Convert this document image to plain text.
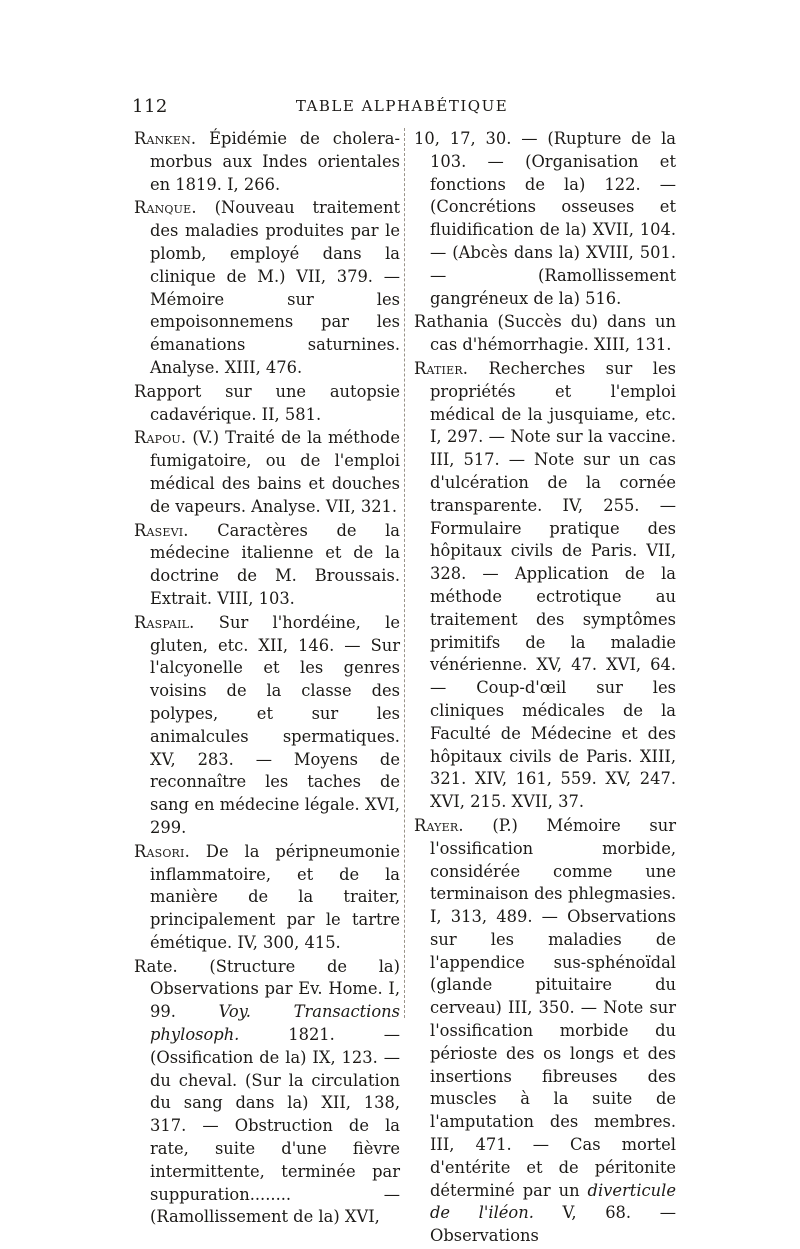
112	TABLE ALPHABÉTIQUE

Ranken. Épidémie de cholera-morbus aux Indes orientales en 1819. I, 266.

Ranque. (Nouveau traitement des maladies produites par le plomb, employé dans la clinique de M.) VII, 379. — Mémoire sur les empoisonnemens par les émanations saturnines. Analyse. XIII, 476.

Rapport sur une autopsie cadavérique. II, 581.

Rapou. (V.) Traité de la méthode fumigatoire, ou de l'emploi médical des bains et douches de vapeurs. Analyse. VII, 321.

Rasevi. Caractères de la médecine italienne et de la doctrine de M. Broussais. Extrait. VIII, 103.

Raspail. Sur l'hordéine, le gluten, etc. XII, 146. — Sur l'alcyonelle et les genres voisins de la classe des polypes, et sur les animalcules spermatiques. XV, 283. — Moyens de reconnaître les taches de sang en médecine légale. XVI, 299.

Rasori. De la péripneumonie inflammatoire, et de la manière de la traiter, principalement par le tartre émétique. IV, 300, 415.

Rate. (Structure de la) Observations par Ev. Home. I, 99. Voy. Transactions phylosoph. 1821. — (Ossification de la) IX, 123. — du cheval. (Sur la circulation du sang dans la) XII, 138, 317. — Obstruction de la rate, suite d'une fièvre intermittente, terminée par suppuration........ — (Ramollissement de la) XVI,

10, 17, 30. — (Rupture de la 103. — (Organisation et fonctions de la) 122. — (Concrétions osseuses et fluidification de la) XVII, 104. — (Abcès dans la) XVIII, 501. — (Ramollissement gangréneux de la) 516.

Rathania (Succès du) dans un cas d'hémorrhagie. XIII, 131.

Ratier. Recherches sur les propriétés et l'emploi médical de la jusquiame, etc. I, 297. — Note sur la vaccine. III, 517. — Note sur un cas d'ulcération de la cornée transparente. IV, 255. — Formulaire pratique des hôpitaux civils de Paris. VII, 328. — Application de la méthode ectrotique au traitement des symptômes primitifs de la maladie vénérienne. XV, 47. XVI, 64. — Coup-d'œil sur les cliniques médicales de la Faculté de Médecine et des hôpitaux civils de Paris. XIII, 321. XIV, 161, 559. XV, 247. XVI, 215. XVII, 37.

Rayer. (P.) Mémoire sur l'ossification morbide, considérée comme une terminaison des phlegmasies. I, 313, 489. — Observations sur les maladies de l'appendice sus-sphénoïdal (glande pituitaire du cerveau) III, 350. — Note sur l'ossification morbide du périoste des os longs et des insertions fibreuses des muscles à la suite de l'amputation des membres. III, 471. — Cas mortel d'entérite et de péritonite déterminé par un diverticule de l'iléon. V, 68. — Observations
